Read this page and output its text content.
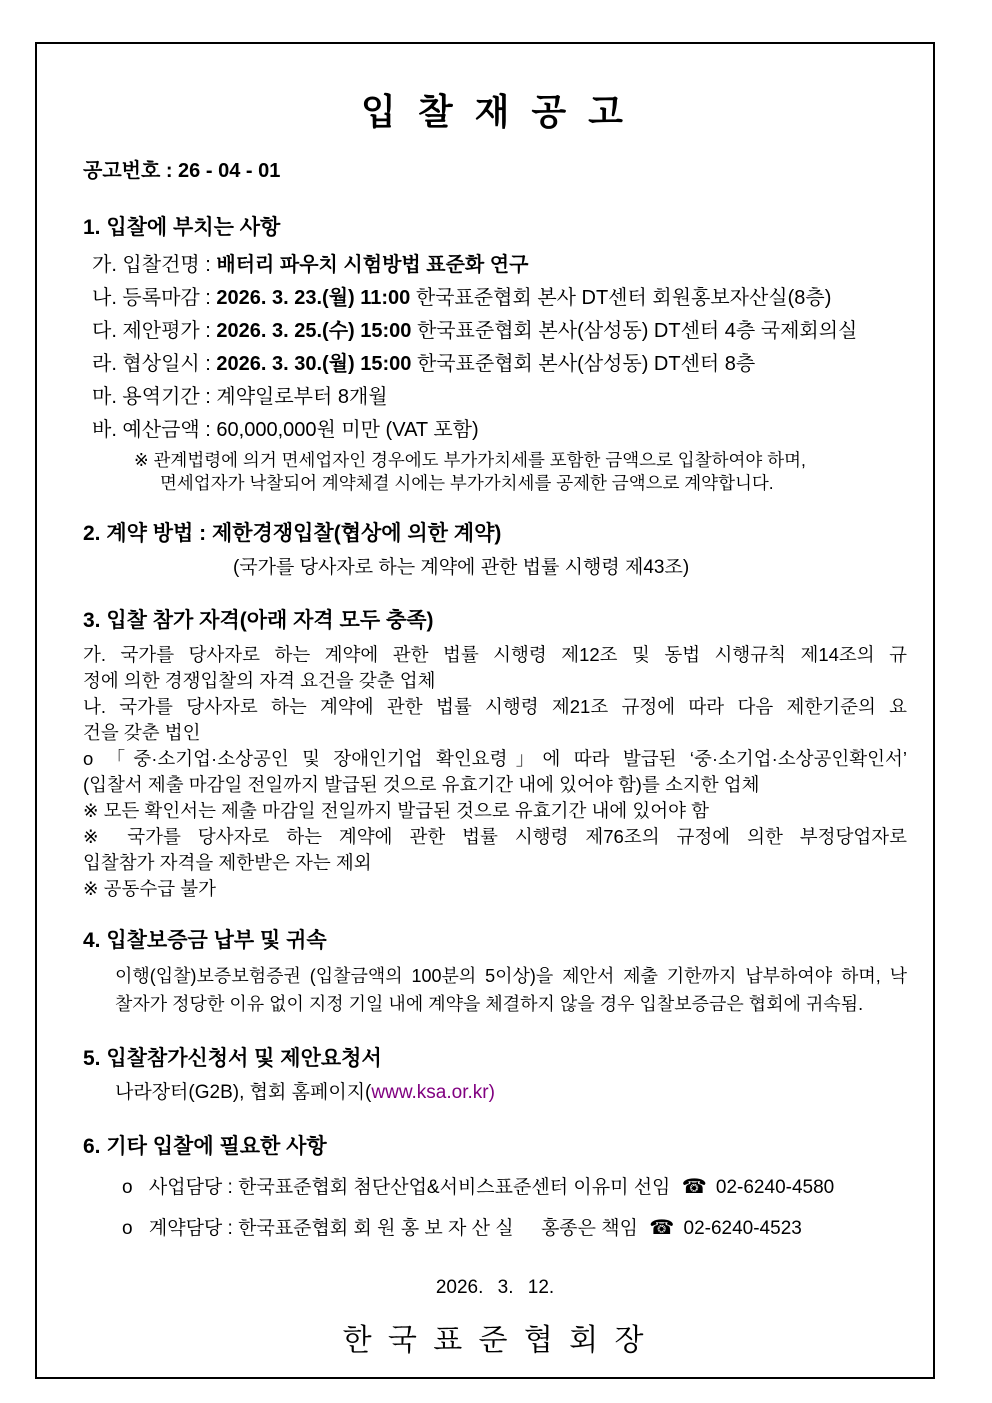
입 찰 재 공 고

공고번호 : 26 - 04 - 01

1. 입찰에 부치는 사항
가. 입찰건명 : 배터리 파우치 시험방법 표준화 연구
나. 등록마감 : 2026. 3. 23.(월) 11:00 한국표준협회 본사 DT센터 회원홍보자산실(8층)
다. 제안평가 : 2026. 3. 25.(수) 15:00 한국표준협회 본사(삼성동) DT센터 4층 국제회의실
라. 협상일시 : 2026. 3. 30.(월) 15:00 한국표준협회 본사(삼성동) DT센터 8층
마. 용역기간 : 계약일로부터 8개월
바. 예산금액 : 60,000,000원 미만 (VAT 포함)
※ 관계법령에 의거 면세업자인 경우에도 부가가치세를 포함한 금액으로 입찰하여야 하며,
면세업자가 낙찰되어 계약체결 시에는 부가가치세를 공제한 금액으로 계약합니다.
2. 계약 방법 : 제한경쟁입찰(협상에 의한 계약)

(국가를 당사자로 하는 계약에 관한 법률 시행령 제43조)

3. 입찰 참가 자격(아래 자격 모두 충족)

가. 국가를 당사자로 하는 계약에 관한 법률 시행령 제12조 및 동법 시행규칙 제14조의 규

정에 의한 경쟁입찰의 자격 요건을 갖춘 업체

나. 국가를 당사자로 하는 계약에 관한 법률 시행령 제21조 규정에 따라 다음 제한기준의 요

건을 갖춘 법인

o 「중·소기업·소상공인 및 장애인기업 확인요령」에 따라 발급된 ‘중·소기업·소상공인확인서’

(입찰서 제출 마감일 전일까지 발급된 것으로 유효기간 내에 있어야 함)를 소지한 업체

※ 모든 확인서는 제출 마감일 전일까지 발급된 것으로 유효기간 내에 있어야 함

※ 국가를 당사자로 하는 계약에 관한 법률 시행령 제76조의 규정에 의한 부정당업자로

입찰참가 자격을 제한받은 자는 제외

※ 공동수급 불가

4. 입찰보증금 납부 및 귀속

이행(입찰)보증보험증권 (입찰금액의 100분의 5이상)을 제안서 제출 기한까지 납부하여야 하며, 낙

찰자가 정당한 이유 없이 지정 기일 내에 계약을 체결하지 않을 경우 입찰보증금은 협회에 귀속됨.

5. 입찰참가신청서 및 제안요청서

나라장터(G2B), 협회 홈페이지(www.ksa.or.kr)

6. 기타 입찰에 필요한 사항
o 사업담당 : 한국표준협회 첨단산업&서비스표준센터 이유미 선임 ☎ 02-6240-4580
o 계약담당 : 한국표준협회 회 원 홍 보 자 산 실 홍종은 책임 ☎ 02-6240-4523

2026. 3. 12.

한 국 표 준 협 회 장
